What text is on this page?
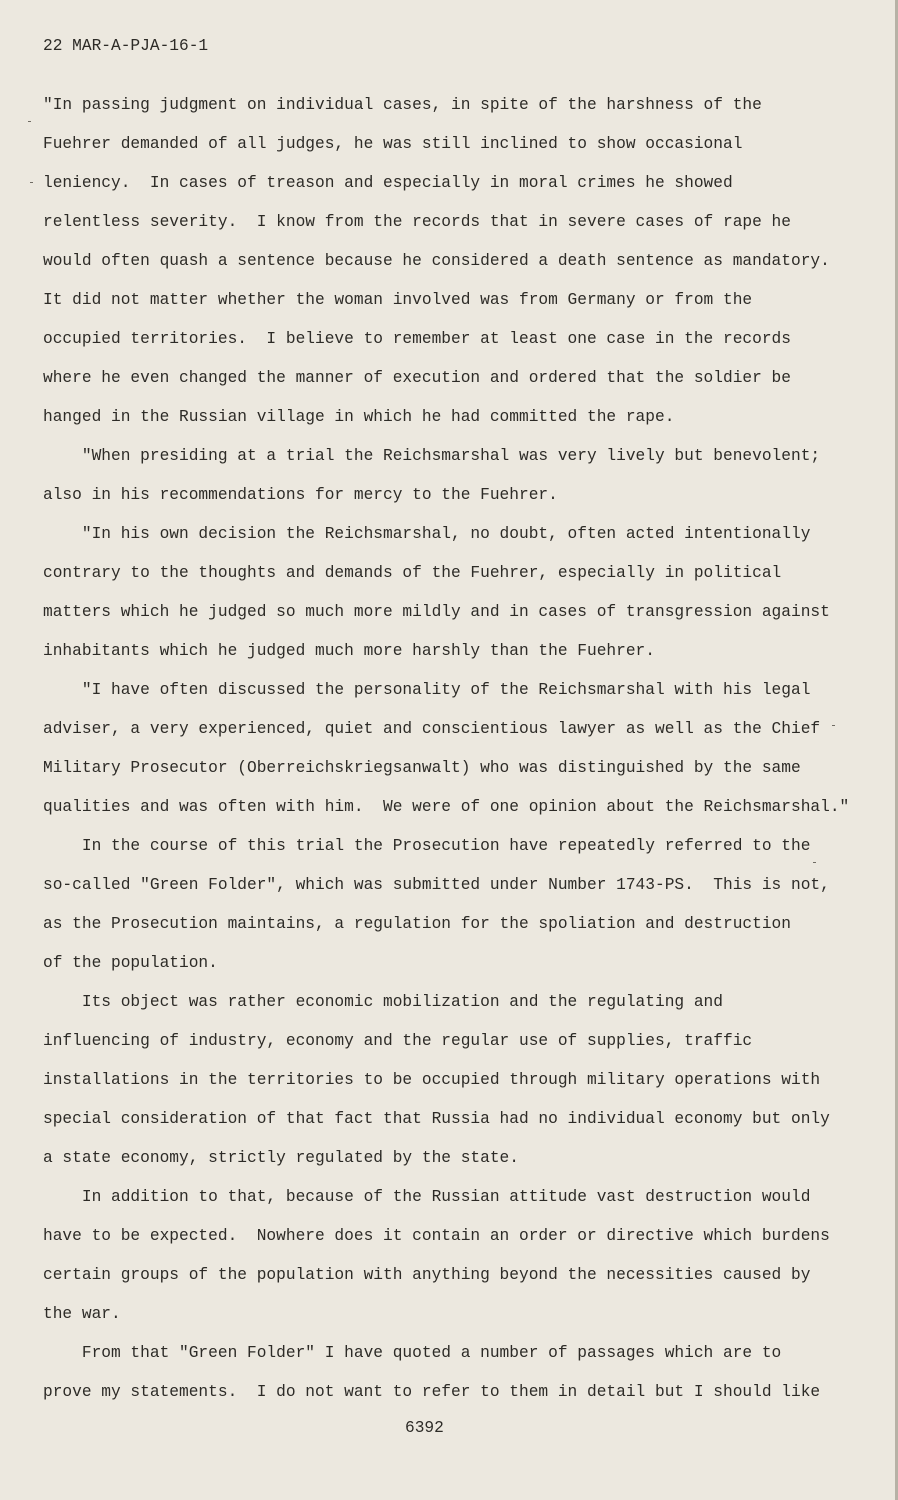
22 MAR-A-PJA-16-1
"In passing judgment on individual cases, in spite of the harshness of the
Fuehrer demanded of all judges, he was still inclined to show occasional
leniency.  In cases of treason and especially in moral crimes he showed
relentless severity.  I know from the records that in severe cases of rape he
would often quash a sentence because he considered a death sentence as mandatory.
It did not matter whether the woman involved was from Germany or from the
occupied territories.  I believe to remember at least one case in the records
where he even changed the manner of execution and ordered that the soldier be
hanged in the Russian village in which he had committed the rape.
"When presiding at a trial the Reichsmarshal was very lively but benevolent;
also in his recommendations for mercy to the Fuehrer.
"In his own decision the Reichsmarshal, no doubt, often acted intentionally
contrary to the thoughts and demands of the Fuehrer, especially in political
matters which he judged so much more mildly and in cases of transgression against
inhabitants which he judged much more harshly than the Fuehrer.
"I have often discussed the personality of the Reichsmarshal with his legal
adviser, a very experienced, quiet and conscientious lawyer as well as the Chief
Military Prosecutor (Oberreichskriegsanwalt) who was distinguished by the same
qualities and was often with him.  We were of one opinion about the Reichsmarshal."
In the course of this trial the Prosecution have repeatedly referred to the
so-called "Green Folder", which was submitted under Number 1743-PS.  This is not,
as the Prosecution maintains, a regulation for the spoliation and destruction
of the population.
Its object was rather economic mobilization and the regulating and
influencing of industry, economy and the regular use of supplies, traffic
installations in the territories to be occupied through military operations with
special consideration of that fact that Russia had no individual economy but only
a state economy, strictly regulated by the state.
In addition to that, because of the Russian attitude vast destruction would
have to be expected.  Nowhere does it contain an order or directive which burdens
certain groups of the population with anything beyond the necessities caused by
the war.
From that "Green Folder" I have quoted a number of passages which are to
prove my statements.  I do not want to refer to them in detail but I should like
6392
